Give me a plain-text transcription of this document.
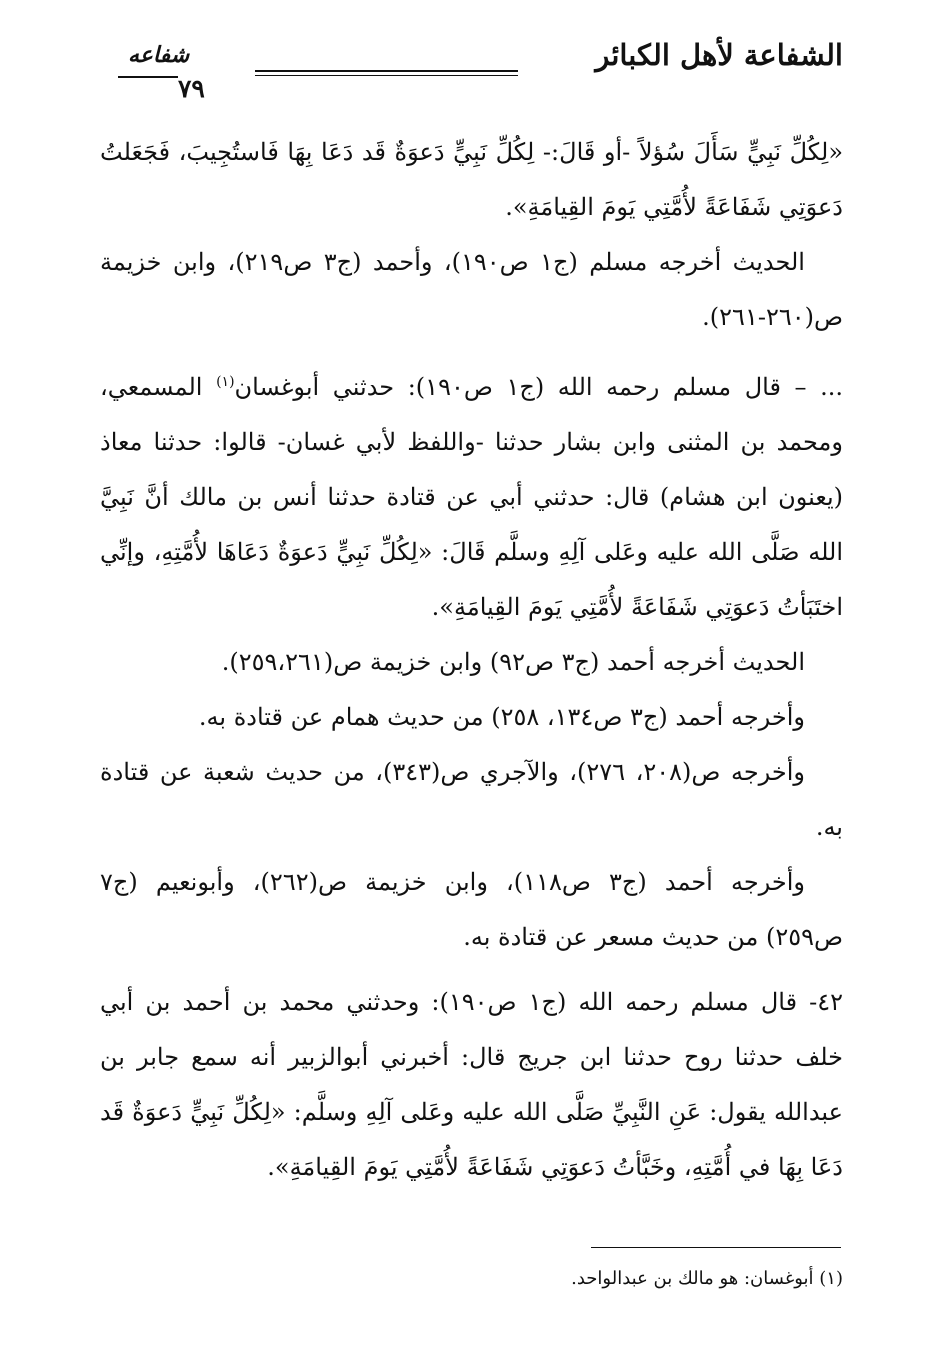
الشفاعة لأهل الكبائر
شفاعه
٧٩

«لِكُلِّ نَبِيٍّ سَأَلَ سُؤلاً -أو قَالَ:- لِكُلِّ نَبِيٍّ دَعوَةٌ قَد دَعَا بِهَا فَاستُجِيبَ، فَجَعَلتُ دَعوَتِي شَفَاعَةً لأُمَّتِي يَومَ القِيامَةِ».

الحديث أخرجه مسلم (ج١ ص١٩٠)، وأحمد (ج٣ ص٢١٩)، وابن خزيمة ص(٢٦٠-٢٦١).

... – قال مسلم رحمه الله (ج١ ص١٩٠): حدثني أبوغسان$^{(١)}$ المسمعي، ومحمد بن المثنى وابن بشار حدثنا -واللفظ لأبي غسان- قالوا: حدثنا معاذ (يعنون ابن هشام) قال: حدثني أبي عن قتادة حدثنا أنس بن مالك أنَّ نَبِيَّ الله صَلَّى الله عليه وعَلى آلِهِ وسلَّم قَالَ: «لِكُلِّ نَبِيٍّ دَعوَةٌ دَعَاهَا لأُمَّتِهِ، وإنِّي اختَبَأتُ دَعوَتِي شَفَاعَةً لأُمَّتِي يَومَ القِيامَةِ».

الحديث أخرجه أحمد (ج٣ ص٩٢) وابن خزيمة ص(٢٥٩،٢٦١).

وأخرجه أحمد (ج٣ ص١٣٤، ٢٥٨) من حديث همام عن قتادة به.

وأخرجه ص(٢٠٨، ٢٧٦)، والآجري ص(٣٤٣)، من حديث شعبة عن قتادة به.

وأخرجه أحمد (ج٣ ص١١٨)، وابن خزيمة ص(٢٦٢)، وأبونعيم (ج٧ ص٢٥٩) من حديث مسعر عن قتادة به.

٤٢- قال مسلم رحمه الله (ج١ ص١٩٠): وحدثني محمد بن أحمد بن أبي خلف حدثنا روح حدثنا ابن جريج قال: أخبرني أبوالزبير أنه سمع جابر بن عبدالله يقول: عَنِ النَّبِيِّ صَلَّى الله عليه وعَلى آلِهِ وسلَّم: «لِكُلِّ نَبِيٍّ دَعوَةٌ قَد دَعَا بِهَا في أُمَّتِهِ، وخَبَّأتُ دَعوَتِي شَفَاعَةً لأُمَّتِي يَومَ القِيامَةِ».

(١) أبوغسان: هو مالك بن عبدالواحد.
